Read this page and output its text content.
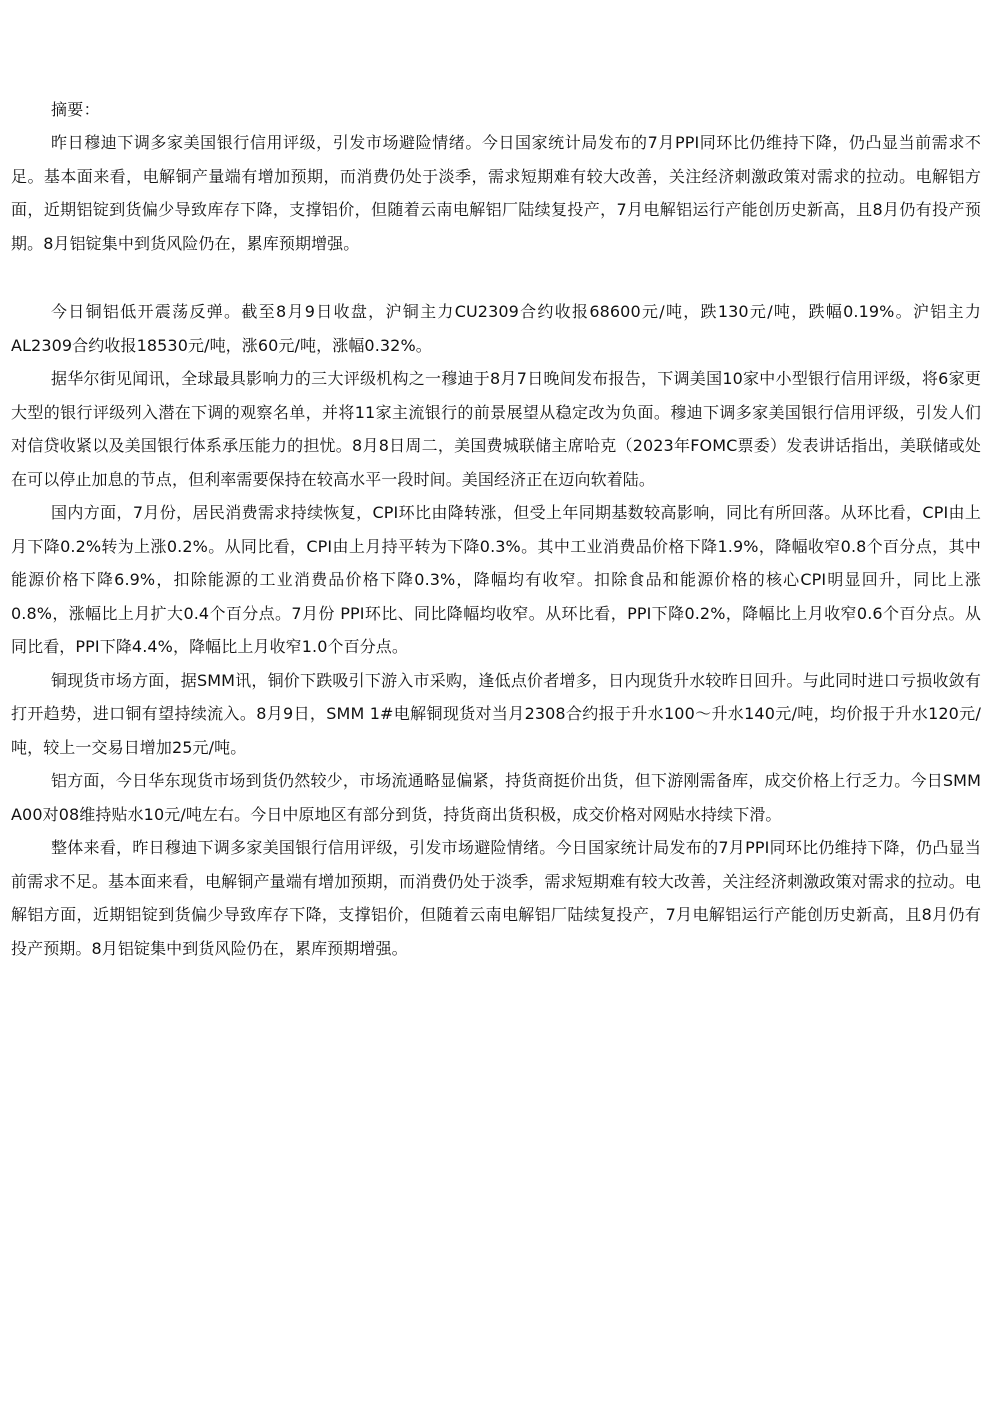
摘要：

昨日穆迪下调多家美国银行信用评级，引发市场避险情绪。今日国家统计局发布的7月PPI同环比仍维持下降，仍凸显当前需求不足。基本面来看，电解铜产量端有增加预期，而消费仍处于淡季，需求短期难有较大改善，关注经济刺激政策对需求的拉动。电解铝方面，近期铝锭到货偏少导致库存下降，支撑铝价，但随着云南电解铝厂陆续复投产，7月电解铝运行产能创历史新高，且8月仍有投产预期。8月铝锭集中到货风险仍在，累库预期增强。

今日铜铝低开震荡反弹。截至8月9日收盘，沪铜主力CU2309合约收报68600元/吨，跌130元/吨，跌幅0.19%。沪铝主力AL2309合约收报18530元/吨，涨60元/吨，涨幅0.32%。

据华尔街见闻讯，全球最具影响力的三大评级机构之一穆迪于8月7日晚间发布报告，下调美国10家中小型银行信用评级，将6家更大型的银行评级列入潜在下调的观察名单，并将11家主流银行的前景展望从稳定改为负面。穆迪下调多家美国银行信用评级，引发人们对信贷收紧以及美国银行体系承压能力的担忧。8月8日周二，美国费城联储主席哈克（2023年FOMC票委）发表讲话指出，美联储或处在可以停止加息的节点，但利率需要保持在较高水平一段时间。美国经济正在迈向软着陆。

国内方面，7月份，居民消费需求持续恢复，CPI环比由降转涨，但受上年同期基数较高影响，同比有所回落。从环比看，CPI由上月下降0.2%转为上涨0.2%。从同比看，CPI由上月持平转为下降0.3%。其中工业消费品价格下降1.9%，降幅收窄0.8个百分点，其中能源价格下降6.9%，扣除能源的工业消费品价格下降0.3%，降幅均有收窄。扣除食品和能源价格的核心CPI明显回升，同比上涨0.8%，涨幅比上月扩大0.4个百分点。7月份 PPI环比、同比降幅均收窄。从环比看，PPI下降0.2%，降幅比上月收窄0.6个百分点。从同比看，PPI下降4.4%，降幅比上月收窄1.0个百分点。

铜现货市场方面，据SMM讯，铜价下跌吸引下游入市采购，逢低点价者增多，日内现货升水较昨日回升。与此同时进口亏损收敛有打开趋势，进口铜有望持续流入。8月9日，SMM 1#电解铜现货对当月2308合约报于升水100～升水140元/吨，均价报于升水120元/吨，较上一交易日增加25元/吨。

铝方面，今日华东现货市场到货仍然较少，市场流通略显偏紧，持货商挺价出货，但下游刚需备库，成交价格上行乏力。今日SMM A00对08维持贴水10元/吨左右。今日中原地区有部分到货，持货商出货积极，成交价格对网贴水持续下滑。

整体来看，昨日穆迪下调多家美国银行信用评级，引发市场避险情绪。今日国家统计局发布的7月PPI同环比仍维持下降，仍凸显当前需求不足。基本面来看，电解铜产量端有增加预期，而消费仍处于淡季，需求短期难有较大改善，关注经济刺激政策对需求的拉动。电解铝方面，近期铝锭到货偏少导致库存下降，支撑铝价，但随着云南电解铝厂陆续复投产，7月电解铝运行产能创历史新高，且8月仍有投产预期。8月铝锭集中到货风险仍在，累库预期增强。
